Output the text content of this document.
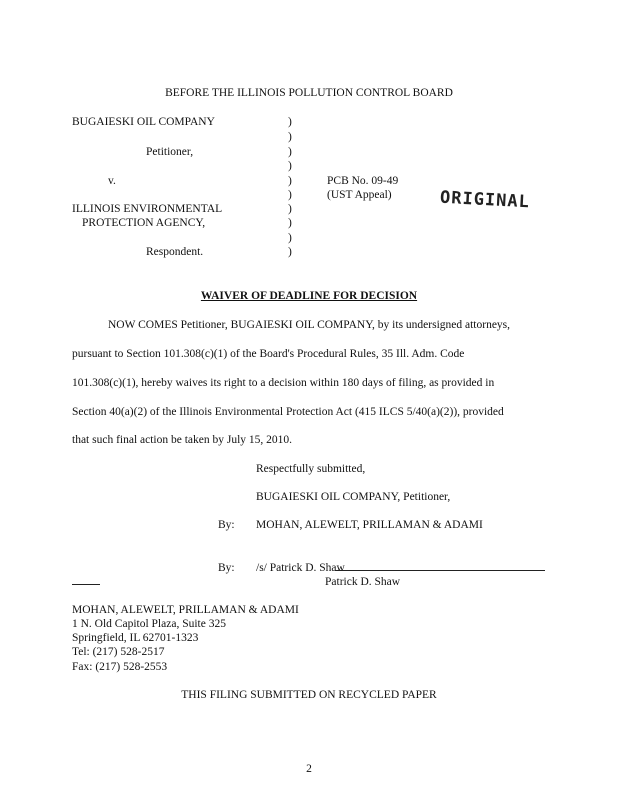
BEFORE THE ILLINOIS POLLUTION CONTROL BOARD
BUGAIESKI OIL COMPANY
​
Petitioner,
v.
ILLINOIS ENVIRONMENTAL
PROTECTION AGENCY,
Respondent.
)
)
)
)
)
)
)
)
)
)
PCB No. 09-49
(UST Appeal)	ORIGINAL
WAIVER OF DEADLINE FOR DECISION
NOW COMES Petitioner, BUGAIESKI OIL COMPANY, by its undersigned attorneys,
pursuant to Section 101.308(c)(1) of the Board's Procedural Rules, 35 Ill. Adm. Code
101.308(c)(1), hereby waives its right to a decision within 180 days of filing, as provided in
Section 40(a)(2) of the Illinois Environmental Protection Act (415 ILCS 5/40(a)(2)), provided
that such final action be taken by July 15, 2010.
Respectfully submitted,
BUGAIESKI OIL COMPANY, Petitioner,
By: MOHAN, ALEWELT, PRILLAMAN & ADAMI
By: /s/ Patrick D. Shaw
Patrick D. Shaw
MOHAN, ALEWELT, PRILLAMAN & ADAMI
1 N. Old Capitol Plaza, Suite 325
Springfield, IL 62701-1323
Tel: (217) 528-2517
Fax: (217) 528-2553
THIS FILING SUBMITTED ON RECYCLED PAPER
2
